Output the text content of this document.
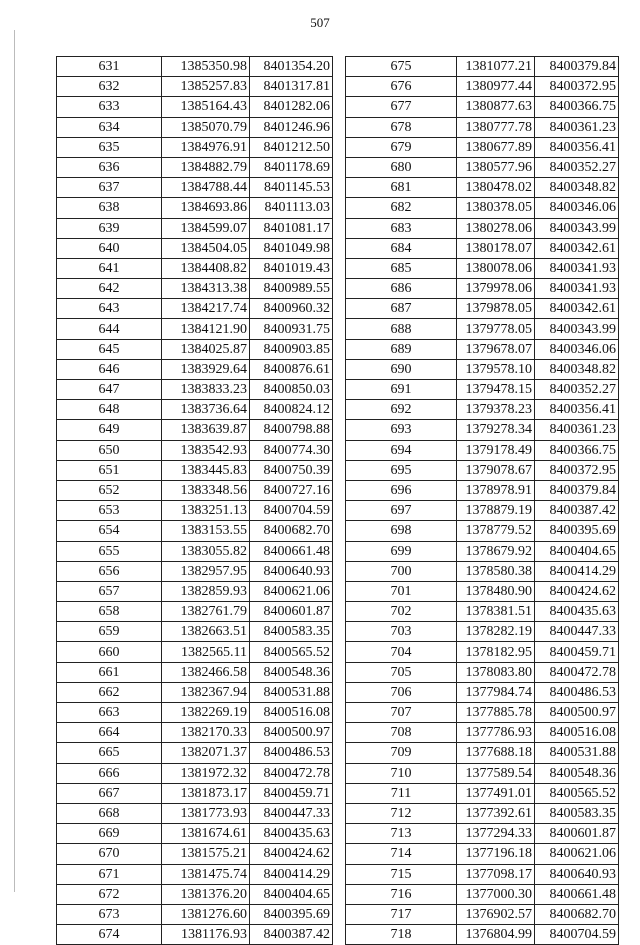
507
631	1385350.98	8401354.20
632	1385257.83	8401317.81
633	1385164.43	8401282.06
634	1385070.79	8401246.96
635	1384976.91	8401212.50
636	1384882.79	8401178.69
637	1384788.44	8401145.53
638	1384693.86	8401113.03
639	1384599.07	8401081.17
640	1384504.05	8401049.98
641	1384408.82	8401019.43
642	1384313.38	8400989.55
643	1384217.74	8400960.32
644	1384121.90	8400931.75
645	1384025.87	8400903.85
646	1383929.64	8400876.61
647	1383833.23	8400850.03
648	1383736.64	8400824.12
649	1383639.87	8400798.88
650	1383542.93	8400774.30
651	1383445.83	8400750.39
652	1383348.56	8400727.16
653	1383251.13	8400704.59
654	1383153.55	8400682.70
655	1383055.82	8400661.48
656	1382957.95	8400640.93
657	1382859.93	8400621.06
658	1382761.79	8400601.87
659	1382663.51	8400583.35
660	1382565.11	8400565.52
661	1382466.58	8400548.36
662	1382367.94	8400531.88
663	1382269.19	8400516.08
664	1382170.33	8400500.97
665	1382071.37	8400486.53
666	1381972.32	8400472.78
667	1381873.17	8400459.71
668	1381773.93	8400447.33
669	1381674.61	8400435.63
670	1381575.21	8400424.62
671	1381475.74	8400414.29
672	1381376.20	8400404.65
673	1381276.60	8400395.69
674	1381176.93	8400387.42
675	1381077.21	8400379.84
676	1380977.44	8400372.95
677	1380877.63	8400366.75
678	1380777.78	8400361.23
679	1380677.89	8400356.41
680	1380577.96	8400352.27
681	1380478.02	8400348.82
682	1380378.05	8400346.06
683	1380278.06	8400343.99
684	1380178.07	8400342.61
685	1380078.06	8400341.93
686	1379978.06	8400341.93
687	1379878.05	8400342.61
688	1379778.05	8400343.99
689	1379678.07	8400346.06
690	1379578.10	8400348.82
691	1379478.15	8400352.27
692	1379378.23	8400356.41
693	1379278.34	8400361.23
694	1379178.49	8400366.75
695	1379078.67	8400372.95
696	1378978.91	8400379.84
697	1378879.19	8400387.42
698	1378779.52	8400395.69
699	1378679.92	8400404.65
700	1378580.38	8400414.29
701	1378480.90	8400424.62
702	1378381.51	8400435.63
703	1378282.19	8400447.33
704	1378182.95	8400459.71
705	1378083.80	8400472.78
706	1377984.74	8400486.53
707	1377885.78	8400500.97
708	1377786.93	8400516.08
709	1377688.18	8400531.88
710	1377589.54	8400548.36
711	1377491.01	8400565.52
712	1377392.61	8400583.35
713	1377294.33	8400601.87
714	1377196.18	8400621.06
715	1377098.17	8400640.93
716	1377000.30	8400661.48
717	1376902.57	8400682.70
718	1376804.99	8400704.59
